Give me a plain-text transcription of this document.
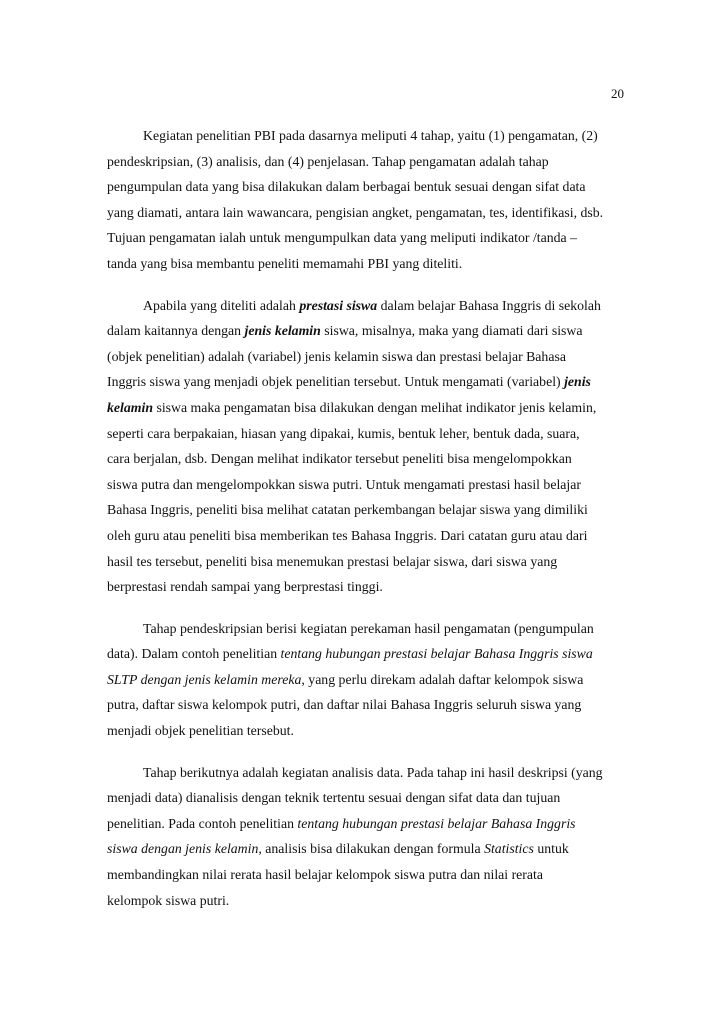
20
Kegiatan penelitian PBI pada dasarnya meliputi 4 tahap, yaitu (1) pengamatan, (2)
pendeskripsian, (3) analisis, dan (4) penjelasan. Tahap pengamatan adalah tahap
pengumpulan data yang bisa dilakukan dalam berbagai bentuk sesuai dengan sifat data
yang diamati, antara lain wawancara, pengisian angket, pengamatan, tes, identifikasi, dsb.
Tujuan pengamatan ialah untuk mengumpulkan data yang meliputi indikator /tanda –
tanda yang bisa membantu peneliti memamahi PBI yang diteliti.
Apabila yang diteliti adalah prestasi siswa dalam belajar Bahasa Inggris di sekolah
dalam kaitannya dengan jenis kelamin siswa, misalnya, maka yang diamati dari siswa
(objek penelitian) adalah (variabel) jenis kelamin siswa dan prestasi belajar Bahasa
Inggris siswa yang menjadi objek penelitian tersebut. Untuk mengamati (variabel) jenis
kelamin siswa maka pengamatan bisa dilakukan dengan melihat indikator jenis kelamin,
seperti cara berpakaian, hiasan yang dipakai, kumis, bentuk leher, bentuk dada, suara,
cara berjalan, dsb. Dengan melihat indikator tersebut peneliti bisa mengelompokkan
siswa putra dan mengelompokkan siswa putri. Untuk mengamati prestasi hasil belajar
Bahasa Inggris, peneliti bisa melihat catatan perkembangan belajar siswa yang dimiliki
oleh guru atau peneliti bisa memberikan tes Bahasa Inggris. Dari catatan guru atau dari
hasil tes tersebut, peneliti bisa menemukan prestasi belajar siswa, dari siswa yang
berprestasi rendah sampai yang berprestasi tinggi.
Tahap pendeskripsian berisi kegiatan perekaman hasil pengamatan (pengumpulan
data). Dalam contoh penelitian tentang hubungan prestasi belajar Bahasa Inggris siswa
SLTP dengan jenis kelamin mereka, yang perlu direkam adalah daftar kelompok siswa
putra, daftar siswa kelompok putri, dan daftar nilai Bahasa Inggris seluruh siswa yang
menjadi objek penelitian tersebut.
Tahap berikutnya adalah kegiatan analisis data. Pada tahap ini hasil deskripsi (yang
menjadi data) dianalisis dengan teknik tertentu sesuai dengan sifat data dan tujuan
penelitian. Pada contoh penelitian tentang hubungan prestasi belajar Bahasa Inggris
siswa dengan jenis kelamin, analisis bisa dilakukan dengan formula Statistics untuk
membandingkan nilai rerata hasil belajar kelompok siswa putra dan nilai rerata
kelompok siswa putri.
